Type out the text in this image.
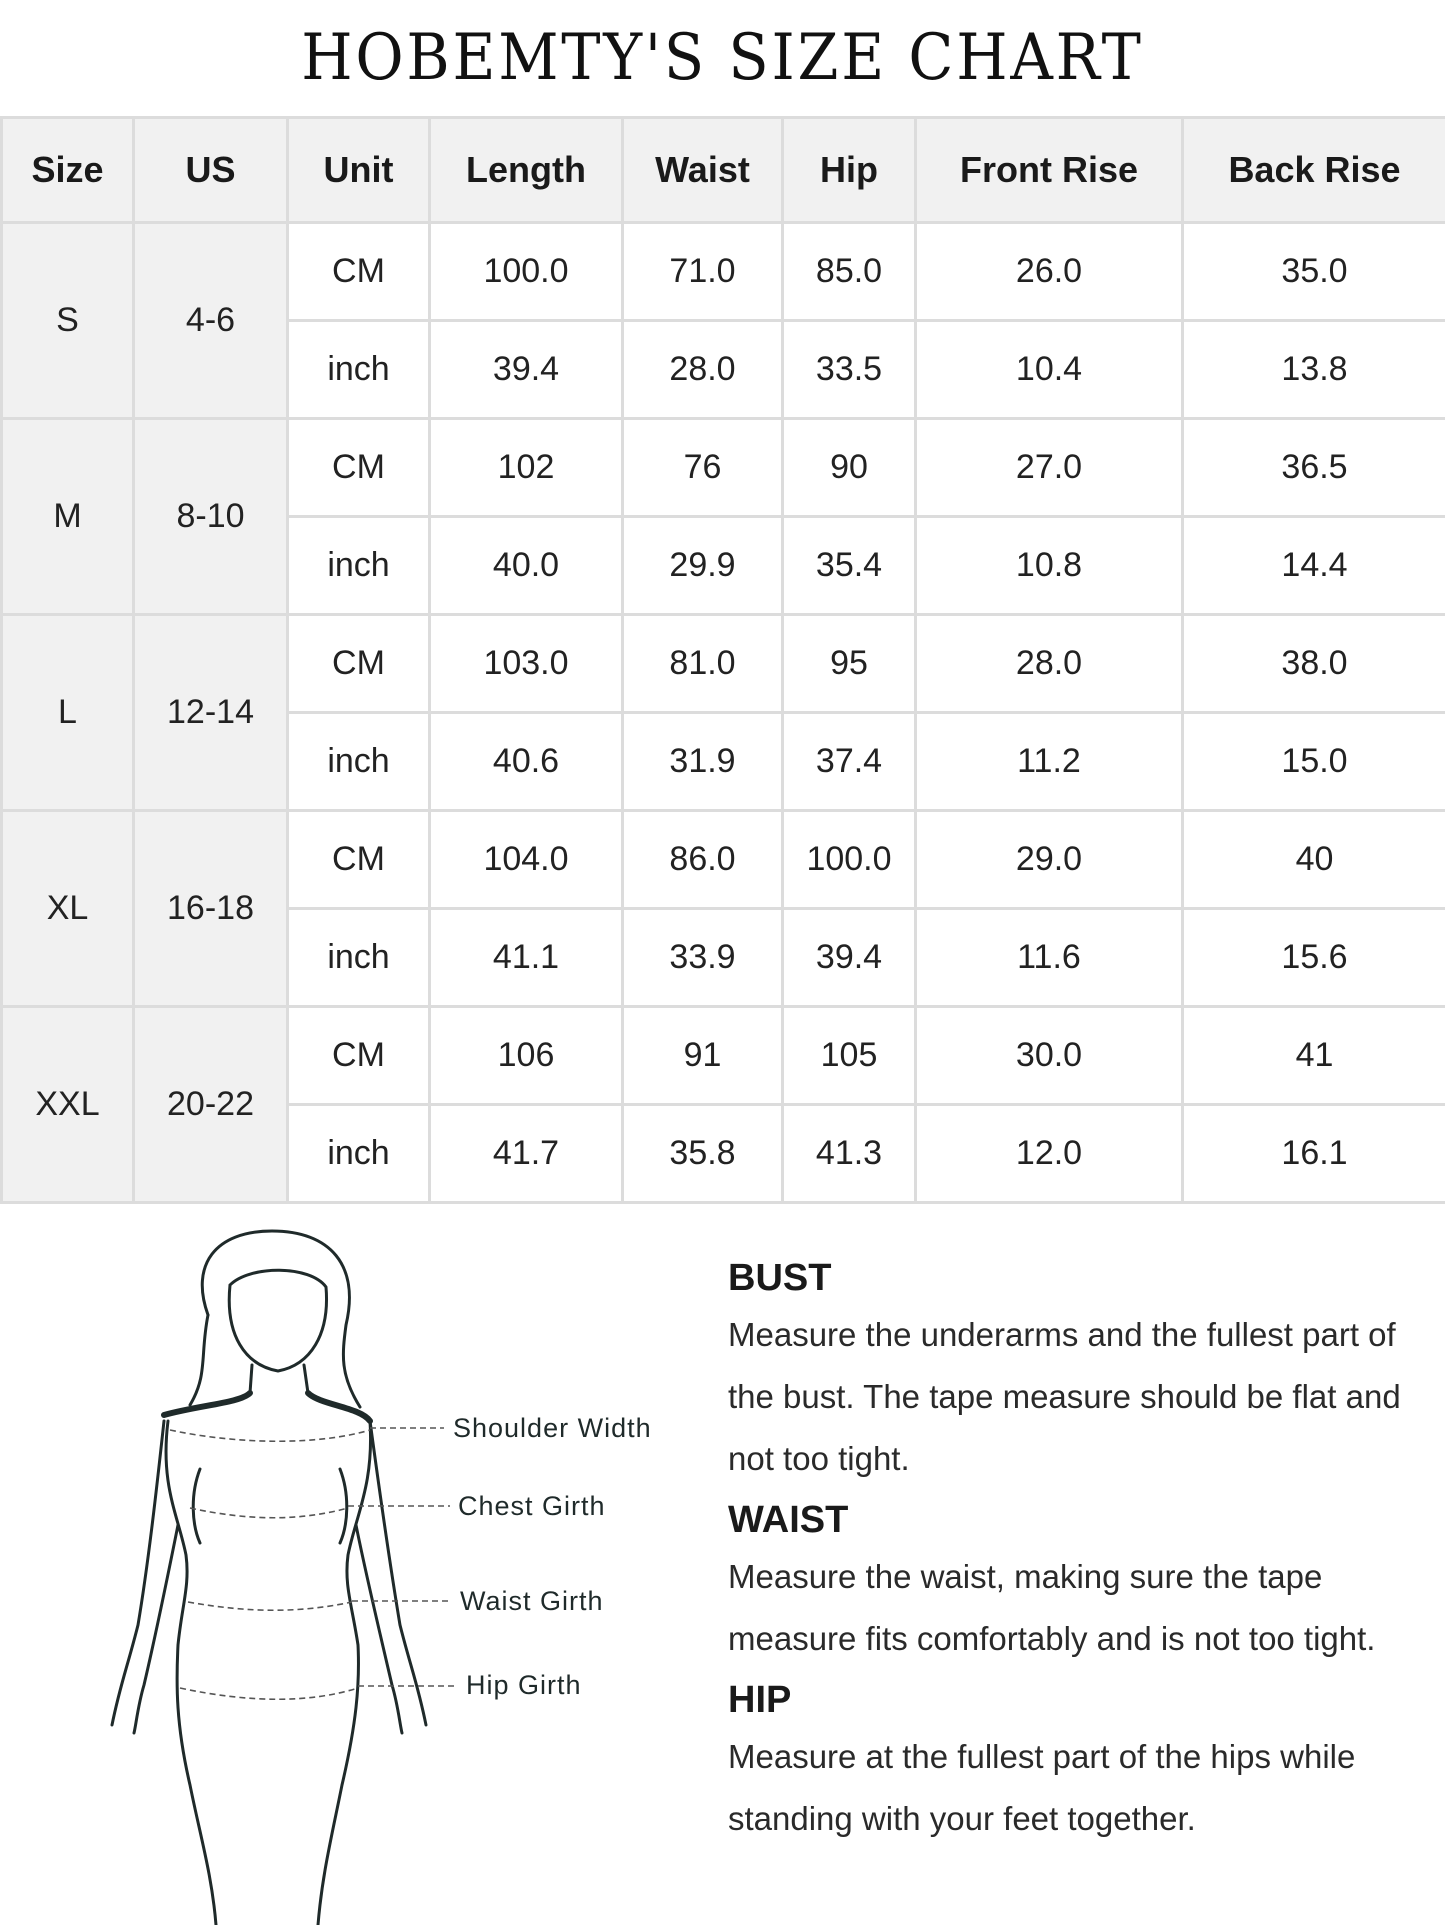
HOBEMTY'S SIZE CHART
Size	US	Unit	Length	Waist	Hip	Front Rise	Back Rise
S	4-6	CM	100.0	71.0	85.0	26.0	35.0
		inch	39.4	28.0	33.5	10.4	13.8
M	8-10	CM	102	76	90	27.0	36.5
		inch	40.0	29.9	35.4	10.8	14.4
L	12-14	CM	103.0	81.0	95	28.0	38.0
		inch	40.6	31.9	37.4	11.2	15.0
XL	16-18	CM	104.0	86.0	100.0	29.0	40
		inch	41.1	33.9	39.4	11.6	15.6
XXL	20-22	CM	106	91	105	30.0	41
		inch	41.7	35.8	41.3	12.0	16.1
Shoulder Width
Chest Girth
Waist Girth
Hip Girth
BUST

Measure the underarms and the fullest part of the bust. The tape measure should be flat and not too tight.

WAIST

Measure the waist, making sure the tape measure fits comfortably and is not too tight.

HIP

Measure at the fullest part of the hips while standing with your feet together.
